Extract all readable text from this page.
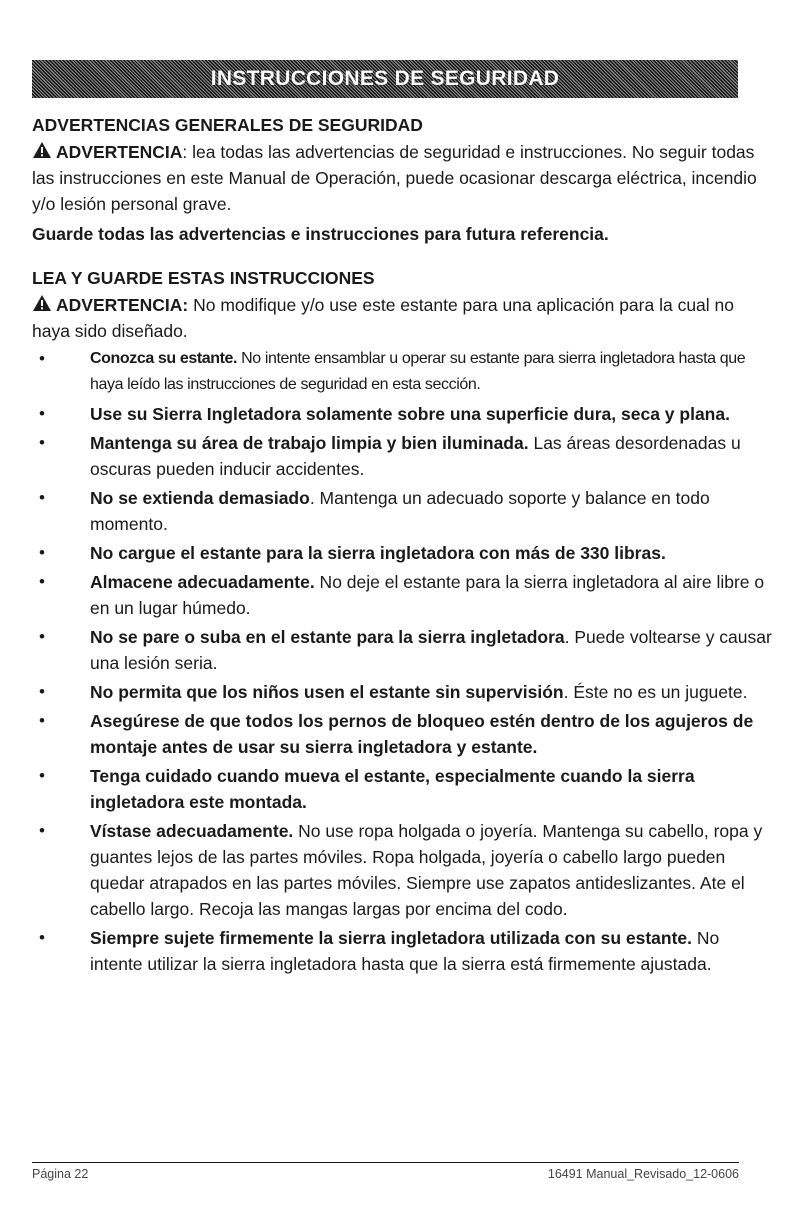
INSTRUCCIONES DE SEGURIDAD

ADVERTENCIAS GENERALES DE SEGURIDAD

ADVERTENCIA: lea todas las advertencias de seguridad e instrucciones. No seguir todas las instrucciones en este Manual de Operación, puede ocasionar descarga eléctrica, incendio y/o lesión personal grave.

Guarde todas las advertencias e instrucciones para futura referencia.

LEA Y GUARDE ESTAS INSTRUCCIONES

ADVERTENCIA: No modifique y/o use este estante para una aplicación para la cual no haya sido diseñado.

• Conozca su estante. No intente ensamblar u operar su estante para sierra ingletadora hasta que haya leído las instrucciones de seguridad en esta sección.
• Use su Sierra Ingletadora solamente sobre una superficie dura, seca y plana.
• Mantenga su área de trabajo limpia y bien iluminada. Las áreas desordenadas u oscuras pueden inducir accidentes.
• No se extienda demasiado. Mantenga un adecuado soporte y balance en todo momento.
• No cargue el estante para la sierra ingletadora con más de 330 libras.
• Almacene adecuadamente. No deje el estante para la sierra ingletadora al aire libre o en un lugar húmedo.
• No se pare o suba en el estante para la sierra ingletadora. Puede voltearse y causar una lesión seria.
• No permita que los niños usen el estante sin supervisión. Éste no es un juguete.
• Asegúrese de que todos los pernos de bloqueo estén dentro de los agujeros de montaje antes de usar su sierra ingletadora y estante.
• Tenga cuidado cuando mueva el estante, especialmente cuando la sierra ingletadora este montada.
• Vístase adecuadamente. No use ropa holgada o joyería. Mantenga su cabello, ropa y guantes lejos de las partes móviles. Ropa holgada, joyería o cabello largo pueden quedar atrapados en las partes móviles. Siempre use zapatos antideslizantes. Ate el cabello largo. Recoja las mangas largas por encima del codo.
• Siempre sujete firmemente la sierra ingletadora utilizada con su estante. No intente utilizar la sierra ingletadora hasta que la sierra está firmemente ajustada.
Página 22	16491 Manual_Revisado_12-0606
